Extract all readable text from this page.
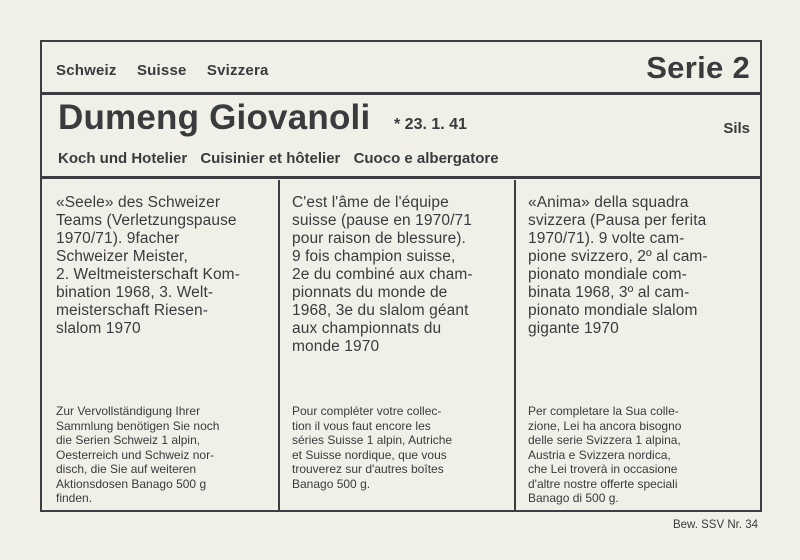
Schweiz Suisse Svizzera	Serie 2
Dumeng Giovanoli * 23. 1. 41	Sils
Koch und Hotelier Cuisinier et hôtelier Cuoco e albergatore
«Seele» des Schweizer
Teams (Verletzungspause
1970/71). 9facher
Schweizer Meister,
2. Weltmeisterschaft Kom-
bination 1968, 3. Welt-
meisterschaft Riesen-
slalom 1970
Zur Vervollständigung Ihrer
Sammlung benötigen Sie noch
die Serien Schweiz 1 alpin,
Oesterreich und Schweiz nor-
disch, die Sie auf weiteren
Aktionsdosen Banago 500 g
finden.
C'est l'âme de l'équipe
suisse (pause en 1970/71
pour raison de blessure).
9 fois champion suisse,
2e du combiné aux cham-
pionnats du monde de
1968, 3e du slalom géant
aux championnats du
monde 1970
Pour compléter votre collec-
tion il vous faut encore les
séries Suisse 1 alpin, Autriche
et Suisse nordique, que vous
trouverez sur d'autres boîtes
Banago 500 g.
«Anima» della squadra
svizzera (Pausa per ferita
1970/71). 9 volte cam-
pione svizzero, 2º al cam-
pionato mondiale com-
binata 1968, 3º al cam-
pionato mondiale slalom
gigante 1970
Per completare la Sua colle-
zione, Lei ha ancora bisogno
delle serie Svizzera 1 alpina,
Austria e Svizzera nordica,
che Lei troverà in occasione
d'altre nostre offerte speciali
Banago di 500 g.
Bew. SSV Nr. 34
